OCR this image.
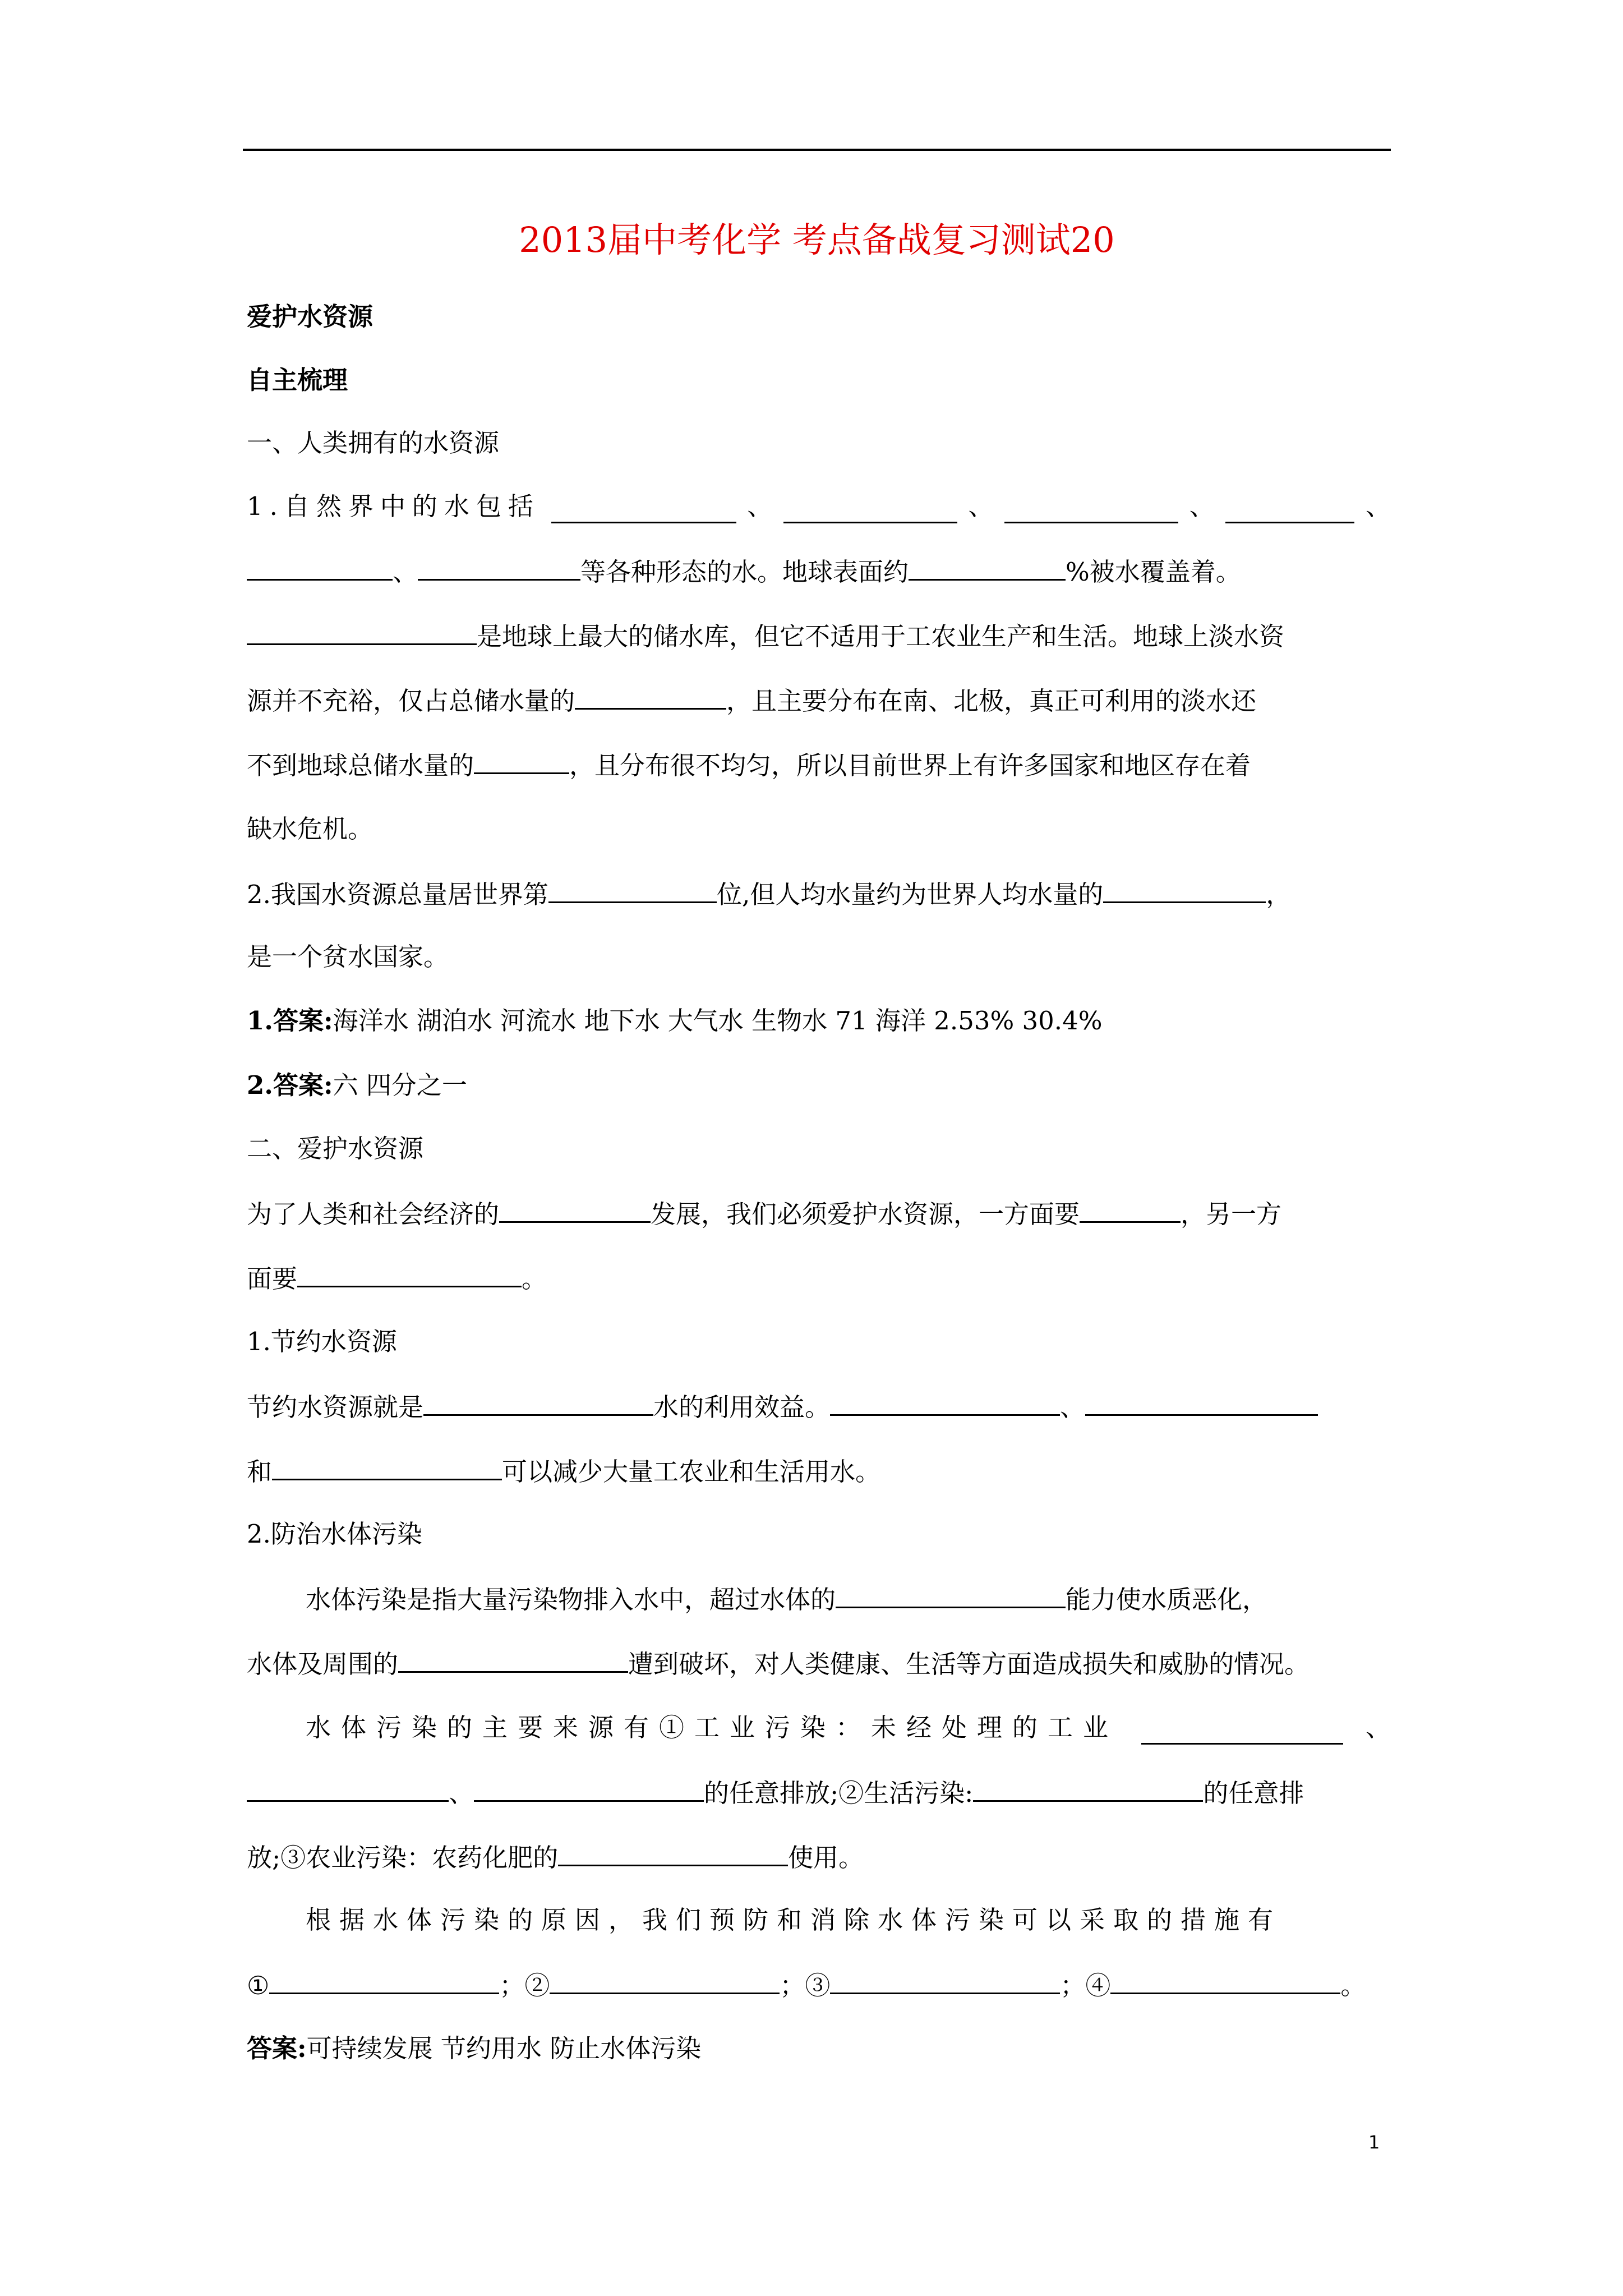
2013届中考化学 考点备战复习测试20
爱护水资源
自主梳理
一、人类拥有的水资源
1.自然界中的水包括	、	、	、	、
、	等各种形态的水。地球表面约	%被水覆盖着。
是地球上最大的储水库，但它不适用于工农业生产和生活。地球上淡水资
源并不充裕，仅占总储水量的	，且主要分布在南、北极，真正可利用的淡水还
不到地球总储水量的	，且分布很不均匀，所以目前世界上有许多国家和地区存在着
缺水危机。
2.我国水资源总量居世界第	位,但人均水量约为世界人均水量的	，
是一个贫水国家。
1.答案:海洋水 湖泊水 河流水 地下水 大气水 生物水 71 海洋 2.53% 30.4%
2.答案:六 四分之一
二、爱护水资源
为了人类和社会经济的	发展，我们必须爱护水资源，一方面要	，另一方
面要	。
1.节约水资源
节约水资源就是	水的利用效益。	、
和	可以减少大量工农业和生活用水。
2.防治水体污染
水体污染是指大量污染物排入水中，超过水体的	能力使水质恶化，
水体及周围的	遭到破坏，对人类健康、生活等方面造成损失和威胁的情况。
水体污染的主要来源有①工业污染：未经处理的工业	、
、	的任意排放;②生活污染:	的任意排
放;③农业污染：农药化肥的	使用。
根据水体污染的原因，我们预防和消除水体污染可以采取的措施有
①	；②	；③	；④	。
答案:可持续发展 节约用水 防止水体污染
1
